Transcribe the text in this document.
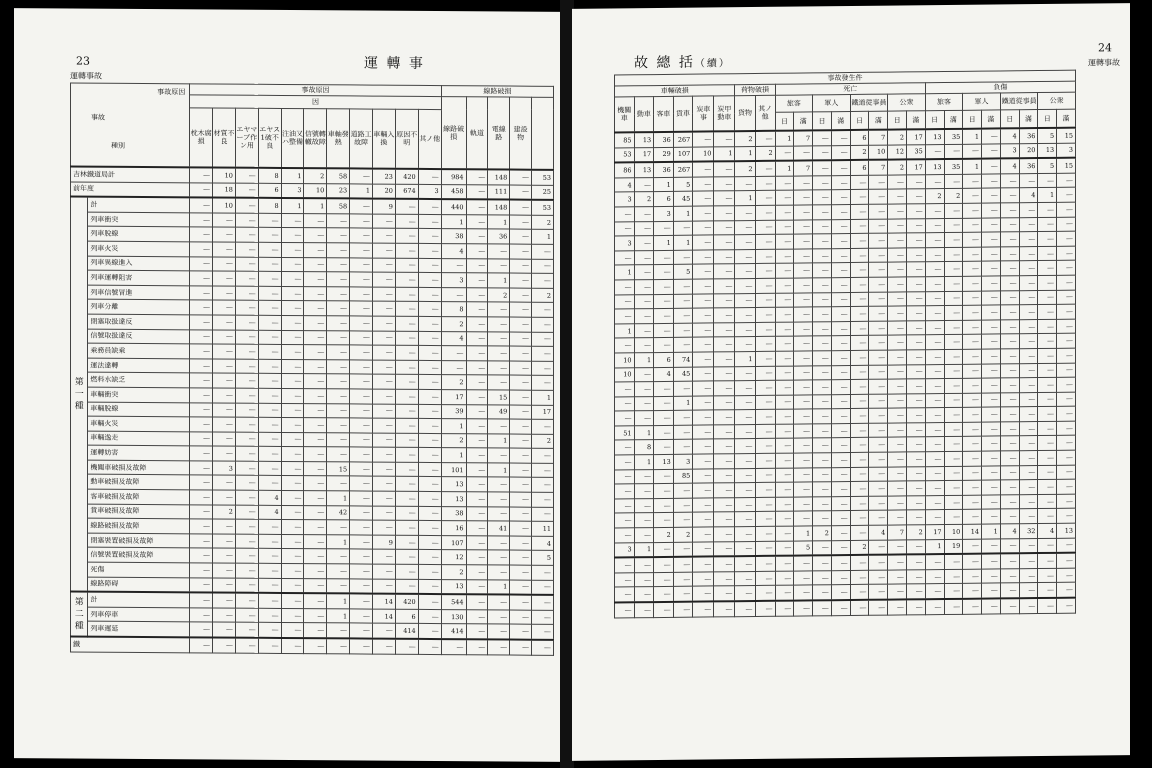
23
運轉事故
運 轉 事
事故原因
事故
種別		事故原因											線路破損				
		因											線路破損	軌道	電線路	建設物	
		枕木腐損	材質不良	エヤマーブ作ン用	エヤス1破不良	注油又ハ整備	信號轉轍故障	車軸發熱	道路工故障	車輛入換	原因不明	其ノ他					
吉林鐵道局計		—	10	—	8	1	2	58	—	23	420	—	984	—	148	—	53
前年度		—	18	—	6	3	10	23	1	20	674	3	458	—	111	—	25
第一種	計	—	10	—	8	1	1	58	—	9	—	—	440	—	148	—	53
	列車衝突	—	—	—	—	—	—	—	—	—	—	—	1	—	1	—	2
	列車脫線	—	—	—	—	—	—	—	—	—	—	—	38	—	36	—	1
	列車火災	—	—	—	—	—	—	—	—	—	—	—	4	—	—	—	—
	列車異線進入	—	—	—	—	—	—	—	—	—	—	—	—	—	—	—	—
	列車運轉阻害	—	—	—	—	—	—	—	—	—	—	—	3	—	1	—	—
	列車信號冒進	—	—	—	—	—	—	—	—	—	—	—	—	—	2	—	2
	列車分離	—	—	—	—	—	—	—	—	—	—	—	8	—	—	—	—
	閉塞取扱違反	—	—	—	—	—	—	—	—	—	—	—	2	—	—	—	—
	信號取扱違反	—	—	—	—	—	—	—	—	—	—	—	4	—	—	—	—
	乘務員缺乘	—	—	—	—	—	—	—	—	—	—	—	—	—	—	—	—
	運法違轉	—	—	—	—	—	—	—	—	—	—	—	—	—	—	—	—
	燃料水缺乏	—	—	—	—	—	—	—	—	—	—	—	2	—	—	—	—
	車輛衝突	—	—	—	—	—	—	—	—	—	—	—	17	—	15	—	1
	車輛脫線	—	—	—	—	—	—	—	—	—	—	—	39	—	49	—	17
	車輛火災	—	—	—	—	—	—	—	—	—	—	—	1	—	—	—	—
	車輛逸走	—	—	—	—	—	—	—	—	—	—	—	2	—	1	—	2
	運轉妨害	—	—	—	—	—	—	—	—	—	—	—	1	—	—	—	—
	機關車破損及故障	—	3	—	—	—	—	15	—	—	—	—	101	—	1	—	—
	動車破損及故障	—	—	—	—	—	—	—	—	—	—	—	13	—	—	—	—
	客車破損及故障	—	—	—	4	—	—	1	—	—	—	—	13	—	—	—	—
	貨車破損及故障	—	2	—	4	—	—	42	—	—	—	—	38	—	—	—	—
	線路破損及故障	—	—	—	—	—	—	—	—	—	—	—	16	—	41	—	11
	閉塞裝置破損及故障	—	—	—	—	—	—	1	—	9	—	—	107	—	—	—	4
	信號裝置破損及故障	—	—	—	—	—	—	—	—	—	—	—	12	—	—	—	5
	死傷	—	—	—	—	—	—	—	—	—	—	—	2	—	—	—	—
	線路障碍	—	—	—	—	—	—	—	—	—	—	—	13	—	1	—	—
第二種	計	—	—	—	—	—	—	1	—	14	420	—	544	—	—	—	—
	列車停車	—	—	—	—	—	—	1	—	14	6	—	130	—	—	—	—
	列車遲延	—	—	—	—	—	—	—	—	—	414	—	414	—	—	—	—
鐵		—	—	—	—	—	—	—	—	—	—	—	—	—	—	—	—
故 總 括（續）
24
運轉事故
事故發生件																							
車輛破損						荷物破損		死亡								負傷							
機關車	動車	客車	貨車	炭車事	炭甲動車	貨物	其ノ他	旅客		軍人		鐵道從事員		公衆		旅客		軍人		鐵道從事員		公衆	
								日	滿	日	滿	日	滿	日	滿	日	滿	日	滿	日	滿	日	滿
85	13	36	267	—	—	2	—	1	7	—	—	6	7	2	17	13	35	1	—	4	36	5	15
53	17	29	107	10	1	1	2	—	—	—	—	2	10	12	35	—	—	—	—	3	20	13	3
86	13	36	267	—	—	2	—	1	7	—	—	6	7	2	17	13	35	1	—	4	36	5	15
4	—	1	5	—	—	—	—	—	—	—	—	—	—	—	—	—	—	—	—	—	—	—	—
3	2	6	45	—	—	1	—	—	—	—	—	—	—	—	—	2	2	—	—	—	4	1	—
—	—	3	1	—	—	—	—	—	—	—	—	—	—	—	—	—	—	—	—	—	—	—	—
—	—	—	—	—	—	—	—	—	—	—	—	—	—	—	—	—	—	—	—	—	—	—	—
3	—	1	1	—	—	—	—	—	—	—	—	—	—	—	—	—	—	—	—	—	—	—	—
—	—	—	—	—	—	—	—	—	—	—	—	—	—	—	—	—	—	—	—	—	—	—	—
1	—	—	5	—	—	—	—	—	—	—	—	—	—	—	—	—	—	—	—	—	—	—	—
—	—	—	—	—	—	—	—	—	—	—	—	—	—	—	—	—	—	—	—	—	—	—	—
—	—	—	—	—	—	—	—	—	—	—	—	—	—	—	—	—	—	—	—	—	—	—	—
—	—	—	—	—	—	—	—	—	—	—	—	—	—	—	—	—	—	—	—	—	—	—	—
1	—	—	—	—	—	—	—	—	—	—	—	—	—	—	—	—	—	—	—	—	—	—	—
—	—	—	—	—	—	—	—	—	—	—	—	—	—	—	—	—	—	—	—	—	—	—	—
10	1	6	74	—	—	1	—	—	—	—	—	—	—	—	—	—	—	—	—	—	—	—	—
10	—	4	45	—	—	—	—	—	—	—	—	—	—	—	—	—	—	—	—	—	—	—	—
—	—	—	—	—	—	—	—	—	—	—	—	—	—	—	—	—	—	—	—	—	—	—	—
—	—	—	1	—	—	—	—	—	—	—	—	—	—	—	—	—	—	—	—	—	—	—	—
—	—	—	—	—	—	—	—	—	—	—	—	—	—	—	—	—	—	—	—	—	—	—	—
51	1	—	—	—	—	—	—	—	—	—	—	—	—	—	—	—	—	—	—	—	—	—	—
—	8	—	—	—	—	—	—	—	—	—	—	—	—	—	—	—	—	—	—	—	—	—	—
—	1	13	3	—	—	—	—	—	—	—	—	—	—	—	—	—	—	—	—	—	—	—	—
—	—	—	85	—	—	—	—	—	—	—	—	—	—	—	—	—	—	—	—	—	—	—	—
—	—	—	—	—	—	—	—	—	—	—	—	—	—	—	—	—	—	—	—	—	—	—	—
—	—	—	—	—	—	—	—	—	—	—	—	—	—	—	—	—	—	—	—	—	—	—	—
—	—	—	—	—	—	—	—	—	—	—	—	—	—	—	—	—	—	—	—	—	—	—	—
—	—	2	2	—	—	—	—	—	1	2	—	—	4	7	2	17	10	14	1	4	32	4	13
3	1	—	—	—	—	—	—	—	5	—	—	2	—	—	—	1	19	—	—	—	—	—	—
—	—	—	—	—	—	—	—	—	—	—	—	—	—	—	—	—	—	—	—	—	—	—	—
—	—	—	—	—	—	—	—	—	—	—	—	—	—	—	—	—	—	—	—	—	—	—	—
—	—	—	—	—	—	—	—	—	—	—	—	—	—	—	—	—	—	—	—	—	—	—	—
—	—	—	—	—	—	—	—	—	—	—	—	—	—	—	—	—	—	—	—	—	—	—	—
